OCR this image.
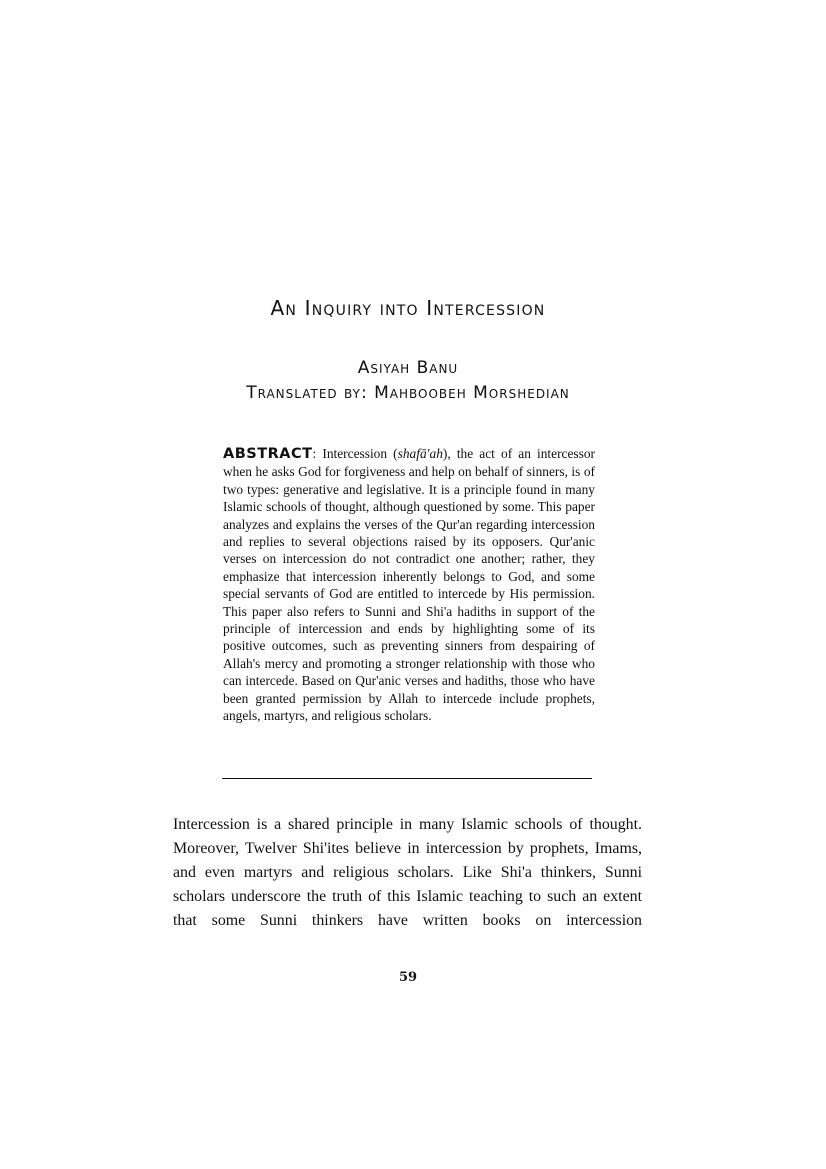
An Inquiry into Intercession
Asiyah Banu
Translated by: Mahboobeh Morshedian

ABSTRACT: Intercession (shafā'ah), the act of an intercessor when he asks God for forgiveness and help on behalf of sinners, is of two types: generative and legislative. It is a principle found in many Islamic schools of thought, although questioned by some. This paper analyzes and explains the verses of the Qur'an regarding intercession and replies to several objections raised by its opposers. Qur'anic verses on intercession do not contradict one another; rather, they emphasize that intercession inherently belongs to God, and some special servants of God are entitled to intercede by His permission. This paper also refers to Sunni and Shi'a hadiths in support of the principle of intercession and ends by highlighting some of its positive outcomes, such as preventing sinners from despairing of Allah's mercy and promoting a stronger relationship with those who can intercede. Based on Qur'anic verses and hadiths, those who have been granted permission by Allah to intercede include prophets, angels, martyrs, and religious scholars.

Intercession is a shared principle in many Islamic schools of thought. Moreover, Twelver Shi'ites believe in intercession by prophets, Imams, and even martyrs and religious scholars. Like Shi'a thinkers, Sunni scholars underscore the truth of this Islamic teaching to such an extent that some Sunni thinkers have written books on intercession

59
